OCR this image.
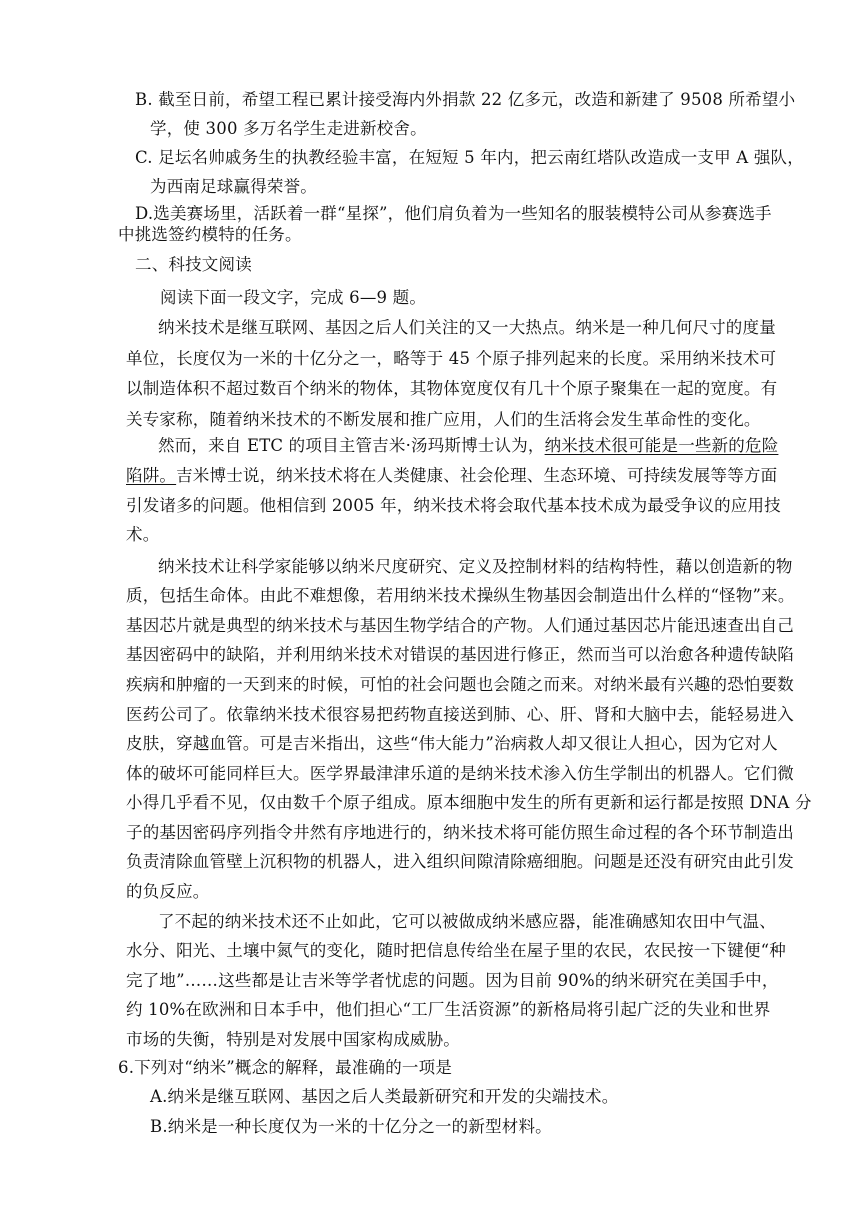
B. 截至日前，希望工程已累计接受海内外捐款 22 亿多元，改造和新建了 9508 所希望小
学，使 300 多万名学生走进新校舍。
C. 足坛名帅戚务生的执教经验丰富，在短短 5 年内，把云南红塔队改造成一支甲 A 强队，
为西南足球赢得荣誉。
D.选美赛场里，活跃着一群“星探”，他们肩负着为一些知名的服装模特公司从参赛选手
中挑选签约模特的任务。
二、科技文阅读
阅读下面一段文字，完成 6—9 题。
纳米技术是继互联网、基因之后人们关注的又一大热点。纳米是一种几何尺寸的度量
单位，长度仅为一米的十亿分之一，略等于 45 个原子排列起来的长度。采用纳米技术可
以制造体积不超过数百个纳米的物体，其物体宽度仅有几十个原子聚集在一起的宽度。有
关专家称，随着纳米技术的不断发展和推广应用，人们的生活将会发生革命性的变化。
然而，来自 ETC 的项目主管吉米·汤玛斯博士认为，纳米技术很可能是一些新的危险
陷阱。吉米博士说，纳米技术将在人类健康、社会伦理、生态环境、可持续发展等等方面
引发诸多的问题。他相信到 2005 年，纳米技术将会取代基本技术成为最受争议的应用技
术。
纳米技术让科学家能够以纳米尺度研究、定义及控制材料的结构特性，藉以创造新的物
质，包括生命体。由此不难想像，若用纳米技术操纵生物基因会制造出什么样的“怪物”来。
基因芯片就是典型的纳米技术与基因生物学结合的产物。人们通过基因芯片能迅速查出自己
基因密码中的缺陷，并利用纳米技术对错误的基因进行修正，然而当可以治愈各种遗传缺陷
疾病和肿瘤的一天到来的时候，可怕的社会问题也会随之而来。对纳米最有兴趣的恐怕要数
医药公司了。依靠纳米技术很容易把药物直接送到肺、心、肝、肾和大脑中去，能轻易进入
皮肤，穿越血管。可是吉米指出，这些“伟大能力”治病救人却又很让人担心，因为它对人
体的破坏可能同样巨大。医学界最津津乐道的是纳米技术渗入仿生学制出的机器人。它们微
小得几乎看不见，仅由数千个原子组成。原本细胞中发生的所有更新和运行都是按照 DNA 分
子的基因密码序列指令井然有序地进行的，纳米技术将可能仿照生命过程的各个环节制造出
负责清除血管壁上沉积物的机器人，进入组织间隙清除癌细胞。问题是还没有研究由此引发
的负反应。
了不起的纳米技术还不止如此，它可以被做成纳米感应器，能准确感知农田中气温、
水分、阳光、土壤中氮气的变化，随时把信息传给坐在屋子里的农民，农民按一下键便“种
完了地”……这些都是让吉米等学者忧虑的问题。因为目前 90%的纳米研究在美国手中，
约 10%在欧洲和日本手中，他们担心“工厂生活资源”的新格局将引起广泛的失业和世界
市场的失衡，特别是对发展中国家构成威胁。
6.下列对“纳米”概念的解释，最准确的一项是
A.纳米是继互联网、基因之后人类最新研究和开发的尖端技术。
B.纳米是一种长度仅为一米的十亿分之一的新型材料。
